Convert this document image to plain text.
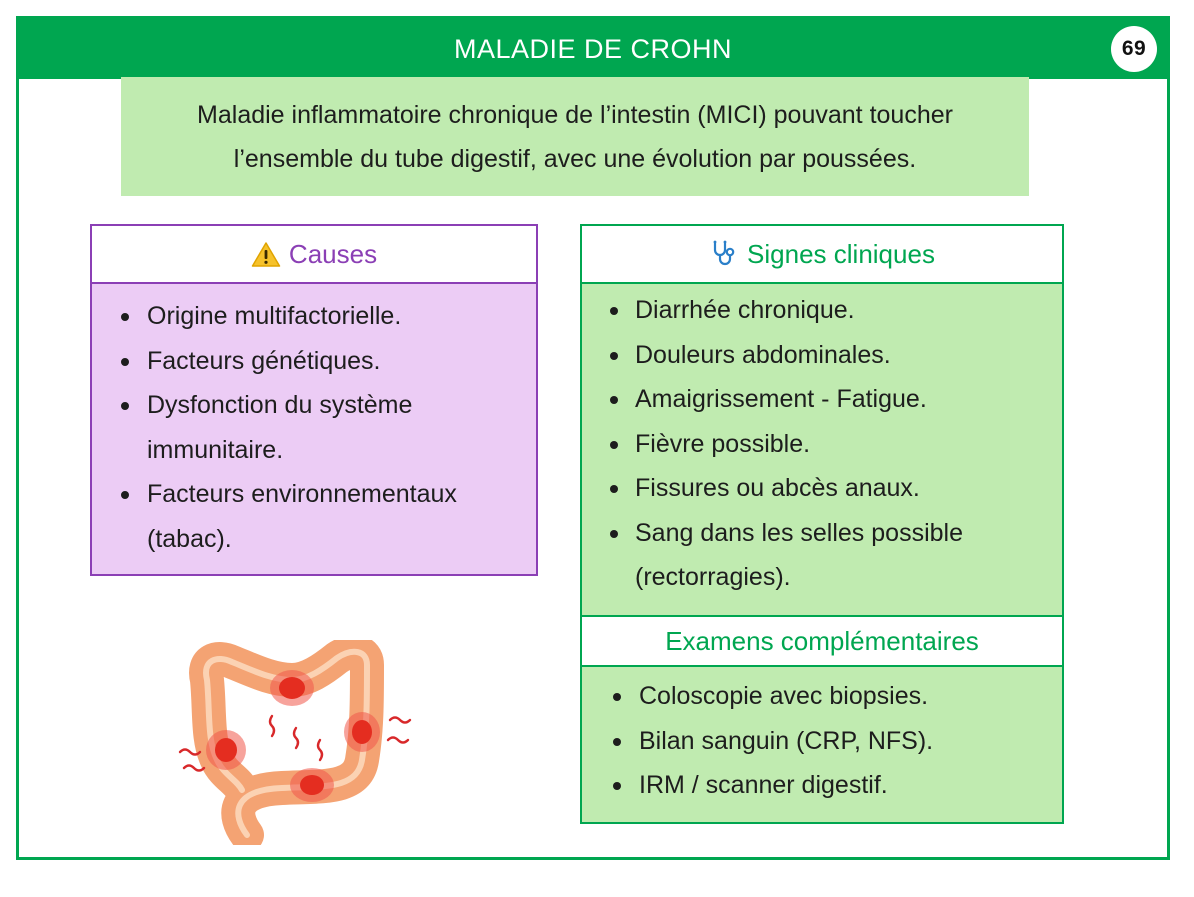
MALADIE DE CROHN	69
Maladie inflammatoire chronique de l’intestin (MICI) pouvant toucher l’ensemble du tube digestif, avec une évolution par poussées.
Causes
Origine multifactorielle.
Facteurs génétiques.
Dysfonction du système immunitaire.
Facteurs environnementaux (tabac).
Signes cliniques
Diarrhée chronique.
Douleurs abdominales.
Amaigrissement - Fatigue.
Fièvre possible.
Fissures ou abcès anaux.
Sang dans les selles possible (rectorragies).
Examens complémentaires
Coloscopie avec biopsies.
Bilan sanguin (CRP, NFS).
IRM / scanner digestif.
